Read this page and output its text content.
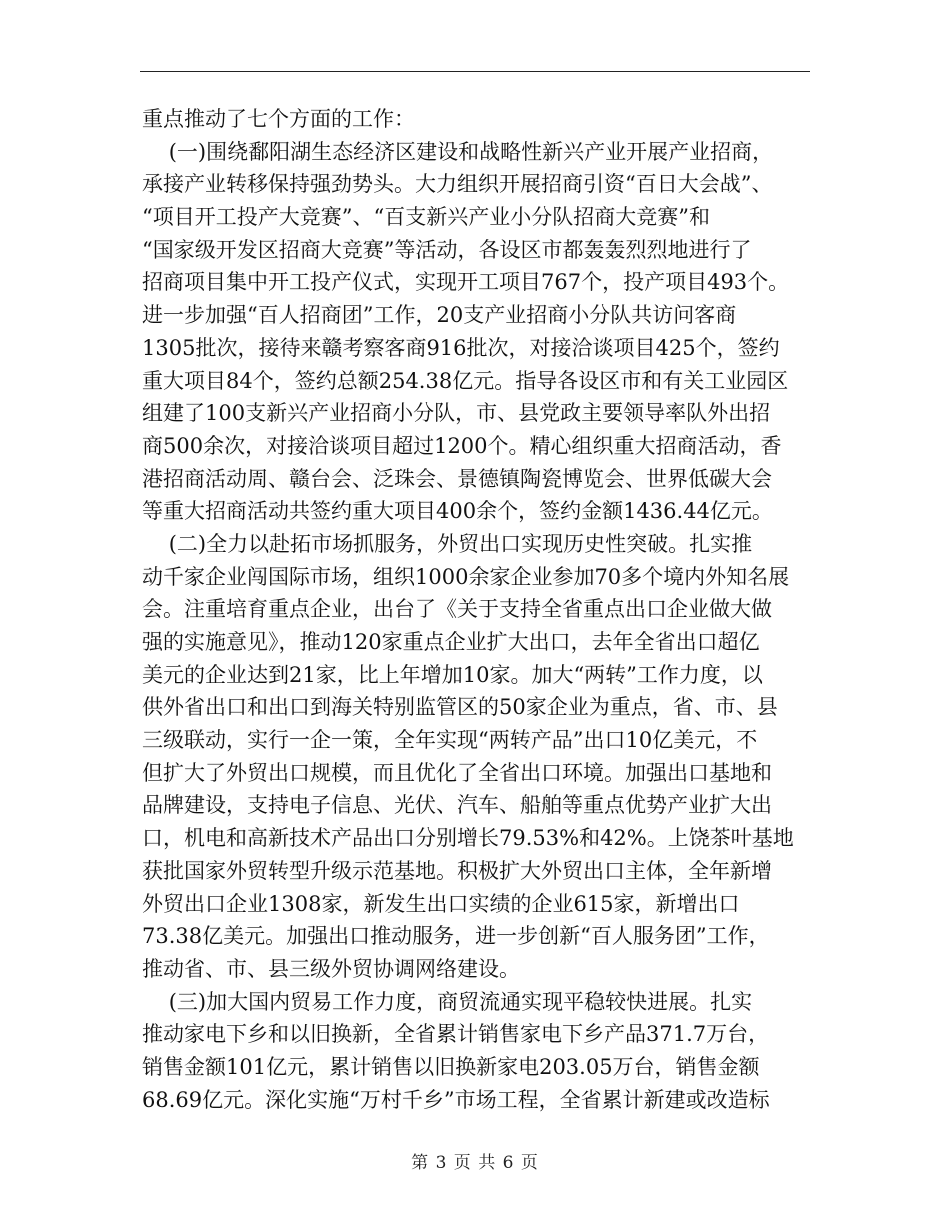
重点推动了七个方面的工作：
(一)围绕鄱阳湖生态经济区建设和战略性新兴产业开展产业招商，
承接产业转移保持强劲势头。大力组织开展招商引资“百日大会战”、
“项目开工投产大竞赛”、“百支新兴产业小分队招商大竞赛”和
“国家级开发区招商大竞赛”等活动，各设区市都轰轰烈烈地进行了
招商项目集中开工投产仪式，实现开工项目767个，投产项目493个。
进一步加强“百人招商团”工作，20支产业招商小分队共访问客商
1305批次，接待来赣考察客商916批次，对接洽谈项目425个，签约
重大项目84个，签约总额254.38亿元。指导各设区市和有关工业园区
组建了100支新兴产业招商小分队，市、县党政主要领导率队外出招
商500余次，对接洽谈项目超过1200个。精心组织重大招商活动，香
港招商活动周、赣台会、泛珠会、景德镇陶瓷博览会、世界低碳大会
等重大招商活动共签约重大项目400余个，签约金额1436.44亿元。
(二)全力以赴拓市场抓服务，外贸出口实现历史性突破。扎实推
动千家企业闯国际市场，组织1000余家企业参加70多个境内外知名展
会。注重培育重点企业，出台了《关于支持全省重点出口企业做大做
强的实施意见》，推动120家重点企业扩大出口，去年全省出口超亿
美元的企业达到21家，比上年增加10家。加大“两转”工作力度，以
供外省出口和出口到海关特别监管区的50家企业为重点，省、市、县
三级联动，实行一企一策，全年实现“两转产品”出口10亿美元，不
但扩大了外贸出口规模，而且优化了全省出口环境。加强出口基地和
品牌建设，支持电子信息、光伏、汽车、船舶等重点优势产业扩大出
口，机电和高新技术产品出口分别增长79.53%和42%。上饶茶叶基地
获批国家外贸转型升级示范基地。积极扩大外贸出口主体，全年新增
外贸出口企业1308家，新发生出口实绩的企业615家，新增出口
73.38亿美元。加强出口推动服务，进一步创新“百人服务团”工作，
推动省、市、县三级外贸协调网络建设。
(三)加大国内贸易工作力度，商贸流通实现平稳较快进展。扎实
推动家电下乡和以旧换新，全省累计销售家电下乡产品371.7万台，
销售金额101亿元，累计销售以旧换新家电203.05万台，销售金额
68.69亿元。深化实施“万村千乡”市场工程，全省累计新建或改造标
第 3 页 共 6 页
